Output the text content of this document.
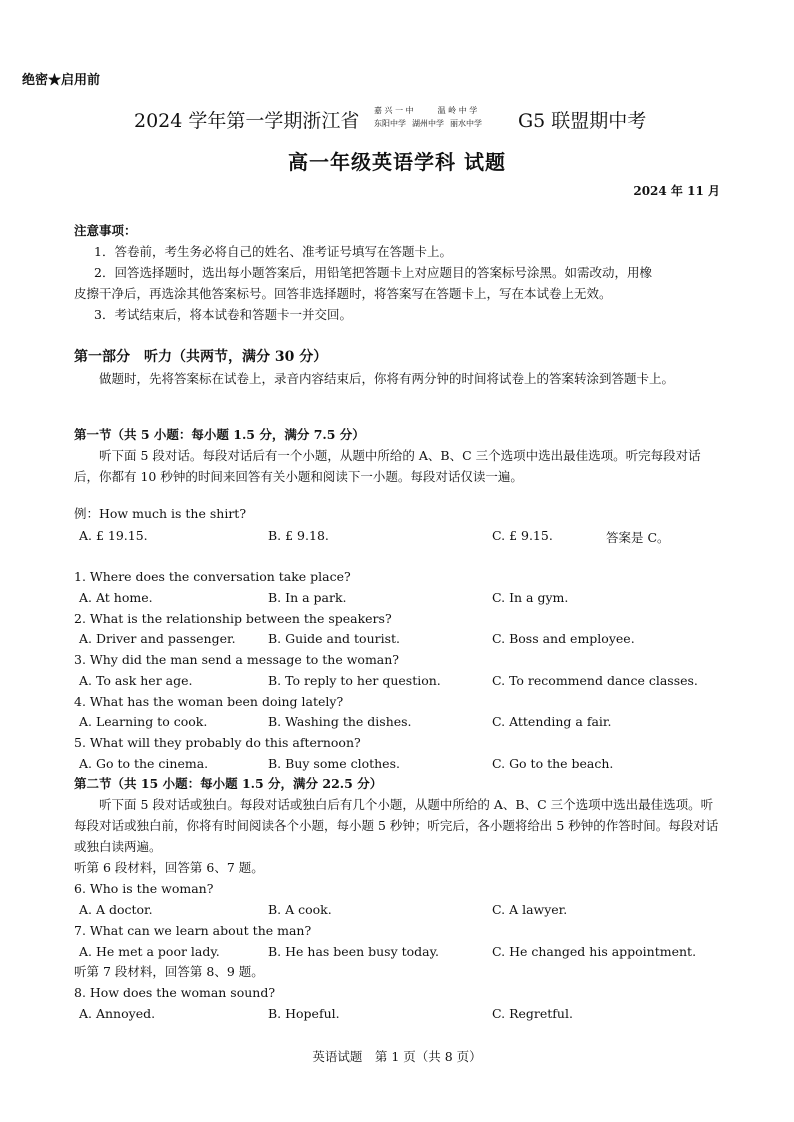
绝密★启用前
2024 学年第一学期浙江省 嘉 兴 一 中	温 岭 中 学
东阳中学 湖州中学 丽水中学	G5 联盟期中考
高一年级英语学科 试题
2024 年 11 月
注意事项：
1．答卷前，考生务必将自己的姓名、准考证号填写在答题卡上。
2．回答选择题时，选出每小题答案后，用铅笔把答题卡上对应题目的答案标号涂黑。如需改动，用橡
皮擦干净后，再选涂其他答案标号。回答非选择题时，将答案写在答题卡上，写在本试卷上无效。
3．考试结束后，将本试卷和答题卡一并交回。
第一部分　听力（共两节，满分 30 分）
做题时，先将答案标在试卷上，录音内容结束后，你将有两分钟的时间将试卷上的答案转涂到答题卡上。
第一节（共 5 小题：每小题 1.5 分，满分 7.5 分）
听下面 5 段对话。每段对话后有一个小题，从题中所给的 A、B、C 三个选项中选出最佳选项。听完每段对话后，你都有 10 秒钟的时间来回答有关小题和阅读下一小题。每段对话仅读一遍。
例：How much is the shirt?
A. £ 19.15.	B. £ 9.18.	C. £ 9.15.	答案是 C。
1. Where does the conversation take place?
A. At home.	B. In a park.	C. In a gym.
2. What is the relationship between the speakers?
A. Driver and passenger.	B. Guide and tourist.	C. Boss and employee.
3. Why did the man send a message to the woman?
A. To ask her age.	B. To reply to her question.	C. To recommend dance classes.
4. What has the woman been doing lately?
A. Learning to cook.	B. Washing the dishes.	C. Attending a fair.
5. What will they probably do this afternoon?
A. Go to the cinema.	B. Buy some clothes.	C. Go to the beach.
第二节（共 15 小题：每小题 1.5 分，满分 22.5 分）
听下面 5 段对话或独白。每段对话或独白后有几个小题，从题中所给的 A、B、C 三个选项中选出最佳选项。听每段对话或独白前，你将有时间阅读各个小题，每小题 5 秒钟；听完后，各小题将给出 5 秒钟的作答时间。每段对话或独白读两遍。
听第 6 段材料，回答第 6、7 题。
6. Who is the woman?
A. A doctor.	B. A cook.	C. A lawyer.
7. What can we learn about the man?
A. He met a poor lady.	B. He has been busy today.	C. He changed his appointment.
听第 7 段材料，回答第 8、9 题。
8. How does the woman sound?
A. Annoyed.	B. Hopeful.	C. Regretful.
英语试题　第 1 页（共 8 页）
